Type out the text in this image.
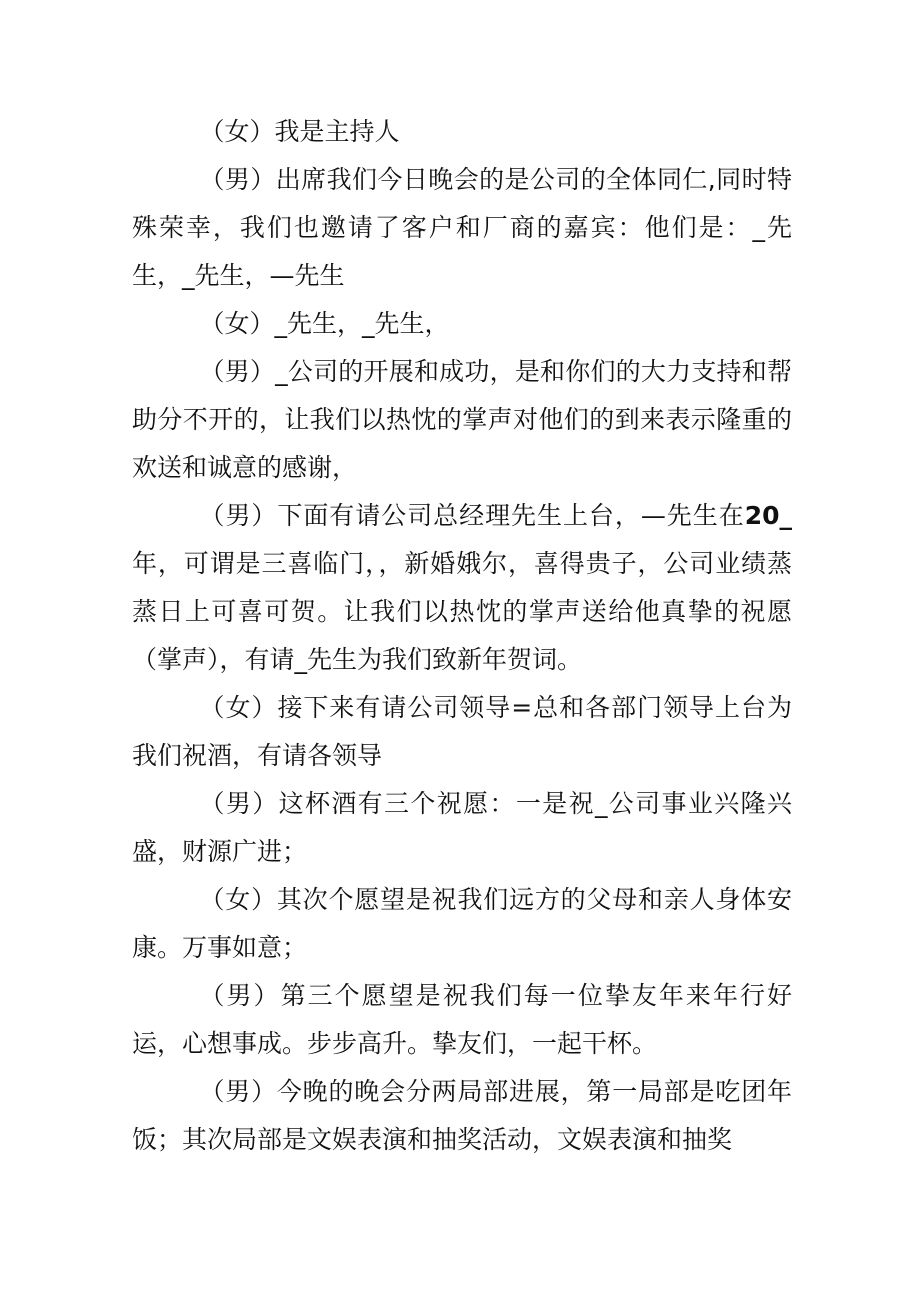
（女）我是主持人

（男）出席我们今日晚会的是公司的全体同仁,同时特殊荣幸，我们也邀请了客户和厂商的嘉宾：他们是：_先生，_先生，—先生

（女）_先生，_先生，

（男）_公司的开展和成功，是和你们的大力支持和帮助分不开的，让我们以热忱的掌声对他们的到来表示隆重的欢送和诚意的感谢，

（男）下面有请公司总经理先生上台，—先生在20_年，可谓是三喜临门，，新婚娥尔，喜得贵子，公司业绩蒸蒸日上可喜可贺。让我们以热忱的掌声送给他真挚的祝愿（掌声），有请_先生为我们致新年贺词。

（女）接下来有请公司领导=总和各部门领导上台为我们祝酒，有请各领导

（男）这杯酒有三个祝愿：一是祝_公司事业兴隆兴盛，财源广进；

（女）其次个愿望是祝我们远方的父母和亲人身体安康。万事如意；

（男）第三个愿望是祝我们每一位挚友年来年行好运，心想事成。步步高升。挚友们，一起干杯。

（男）今晚的晚会分两局部进展，第一局部是吃团年饭；其次局部是文娱表演和抽奖活动，文娱表演和抽奖
